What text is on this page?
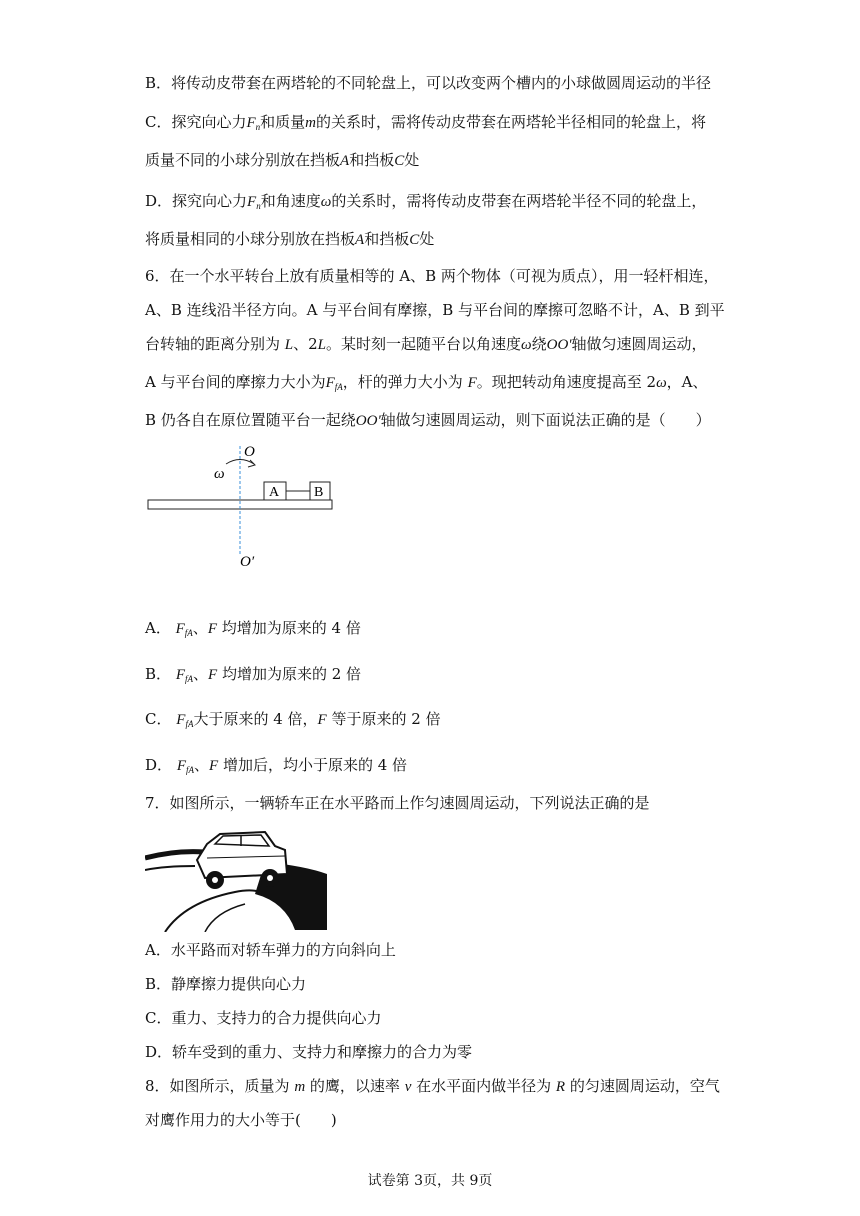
B．将传动皮带套在两塔轮的不同轮盘上，可以改变两个槽内的小球做圆周运动的半径
C．探究向心力$F_n$和质量m的关系时，需将传动皮带套在两塔轮半径相同的轮盘上，将
质量不同的小球分别放在挡板A和挡板C处
D．探究向心力$F_n$和角速度ω的关系时，需将传动皮带套在两塔轮半径不同的轮盘上，
将质量相同的小球分别放在挡板A和挡板C处
6．在一个水平转台上放有质量相等的 A、B 两个物体（可视为质点），用一轻杆相连，
A、B 连线沿半径方向。A 与平台间有摩擦，B 与平台间的摩擦可忽略不计，A、B 到平
台转轴的距离分别为 L、2L。某时刻一起随平台以角速度ω绕OO'轴做匀速圆周运动，
A 与平台间的摩擦力大小为$F_{fA}$，杆的弹力大小为 F。现把转动角速度提高至 2ω，A、
B 仍各自在原位置随平台一起绕OO'轴做匀速圆周运动，则下面说法正确的是（　　）
O
ω
A B
O′
A． $F_{fA}$、F 均增加为原来的 4 倍
B． $F_{fA}$、F 均增加为原来的 2 倍
C． $F_{fA}$大于原来的 4 倍，F 等于原来的 2 倍
D． $F_{fA}$、F 增加后，均小于原来的 4 倍
7．如图所示，一辆轿车正在水平路而上作匀速圆周运动，下列说法正确的是
A．水平路而对轿车弹力的方向斜向上
B．静摩擦力提供向心力
C．重力、支持力的合力提供向心力
D．轿车受到的重力、支持力和摩擦力的合力为零
8．如图所示，质量为 m 的鹰，以速率 v 在水平面内做半径为 R 的匀速圆周运动，空气
对鹰作用力的大小等于(　　)
试卷第 3页，共 9页
